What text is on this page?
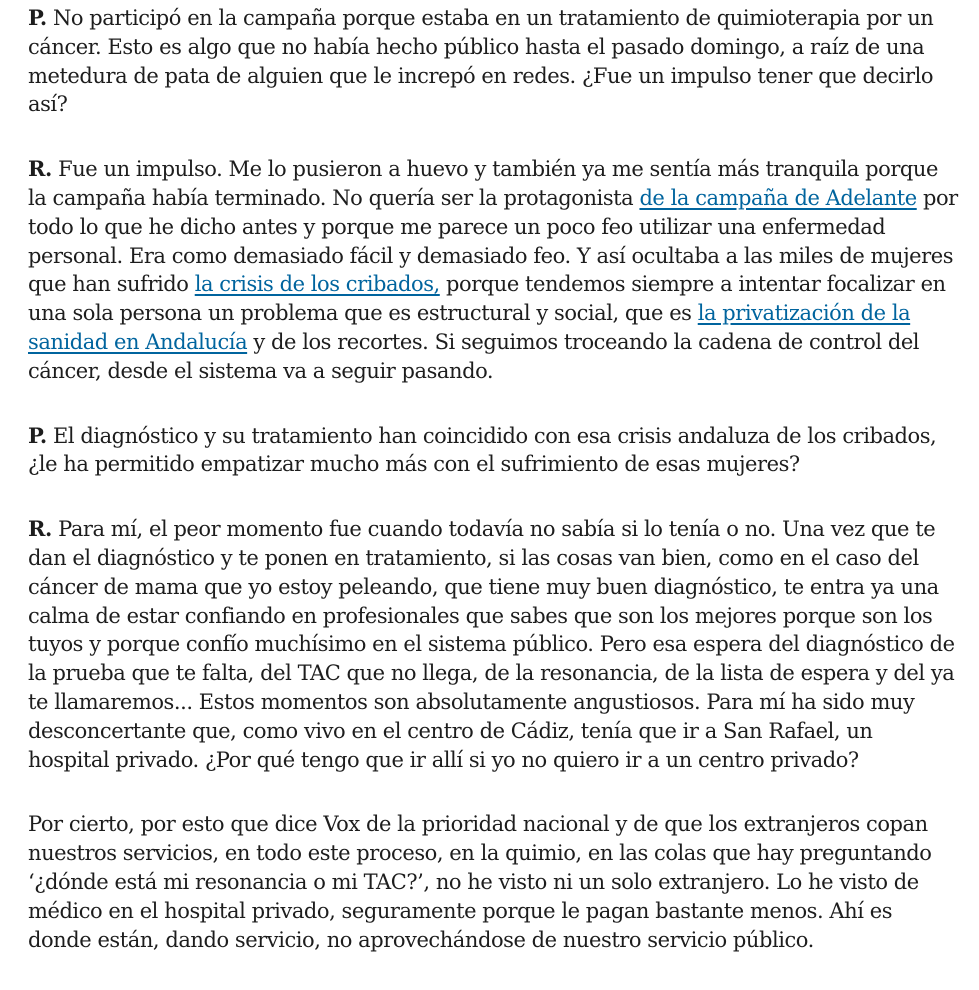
P. No participó en la campaña porque estaba en un tratamiento de quimioterapia por un cáncer. Esto es algo que no había hecho público hasta el pasado domingo, a raíz de una metedura de pata de alguien que le increpó en redes. ¿Fue un impulso tener que decirlo así?

R. Fue un impulso. Me lo pusieron a huevo y también ya me sentía más tranquila porque la campaña había terminado. No quería ser la protagonista de la campaña de Adelante por todo lo que he dicho antes y porque me parece un poco feo utilizar una enfermedad personal. Era como demasiado fácil y demasiado feo. Y así ocultaba a las miles de mujeres que han sufrido la crisis de los cribados, porque tendemos siempre a intentar focalizar en una sola persona un problema que es estructural y social, que es la privatización de la sanidad en Andalucía y de los recortes. Si seguimos troceando la cadena de control del cáncer, desde el sistema va a seguir pasando.

P. El diagnóstico y su tratamiento han coincidido con esa crisis andaluza de los cribados, ¿le ha permitido empatizar mucho más con el sufrimiento de esas mujeres?

R. Para mí, el peor momento fue cuando todavía no sabía si lo tenía o no. Una vez que te dan el diagnóstico y te ponen en tratamiento, si las cosas van bien, como en el caso del cáncer de mama que yo estoy peleando, que tiene muy buen diagnóstico, te entra ya una calma de estar confiando en profesionales que sabes que son los mejores porque son los tuyos y porque confío muchísimo en el sistema público. Pero esa espera del diagnóstico de la prueba que te falta, del TAC que no llega, de la resonancia, de la lista de espera y del ya te llamaremos... Estos momentos son absolutamente angustiosos. Para mí ha sido muy desconcertante que, como vivo en el centro de Cádiz, tenía que ir a San Rafael, un hospital privado. ¿Por qué tengo que ir allí si yo no quiero ir a un centro privado?

Por cierto, por esto que dice Vox de la prioridad nacional y de que los extranjeros copan nuestros servicios, en todo este proceso, en la quimio, en las colas que hay preguntando ‘¿dónde está mi resonancia o mi TAC?’, no he visto ni un solo extranjero. Lo he visto de médico en el hospital privado, seguramente porque le pagan bastante menos. Ahí es donde están, dando servicio, no aprovechándose de nuestro servicio público.
